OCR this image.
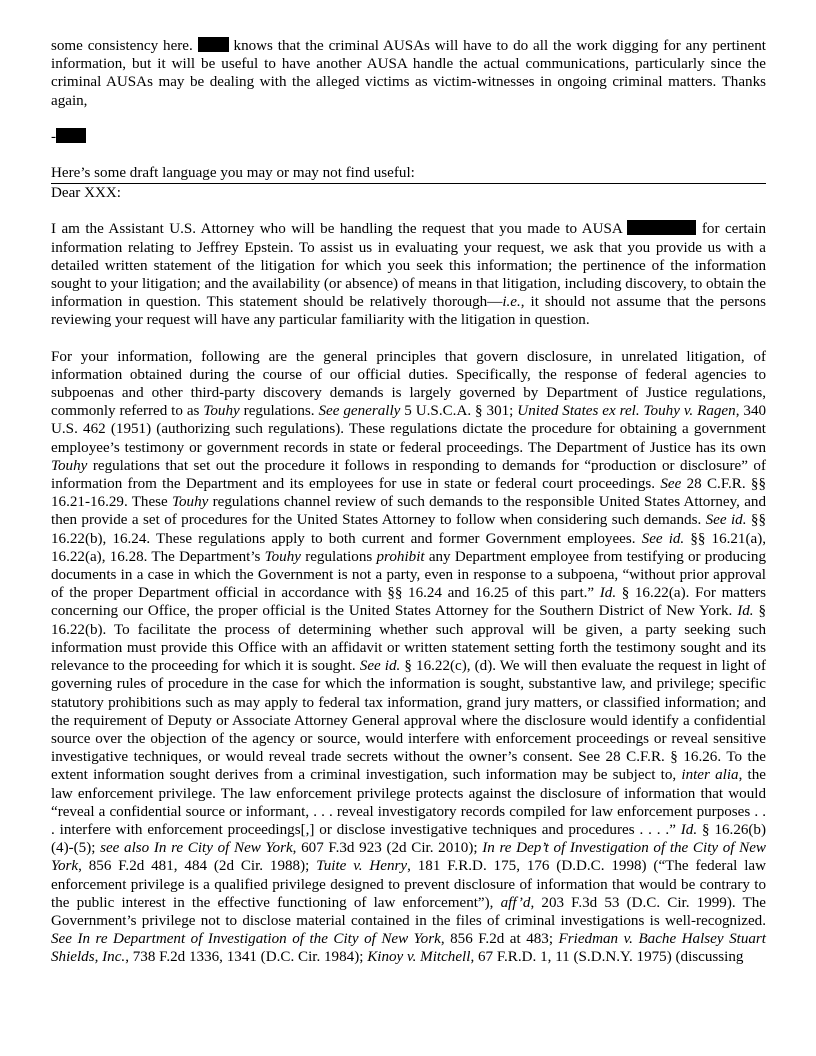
some consistency here.	knows that the criminal AUSAs will have to do all the work digging for any pertinent information, but it will be useful to have another AUSA handle the actual communications, particularly since the criminal AUSAs may be dealing with the alleged victims as victim-witnesses in ongoing criminal matters. Thanks again,

-

Here’s some draft language you may or may not find useful:

Dear XXX:

I am the Assistant U.S. Attorney who will be handling the request that you made to AUSA	for certain information relating to Jeffrey Epstein. To assist us in evaluating your request, we ask that you provide us with a detailed written statement of the litigation for which you seek this information; the pertinence of the information sought to your litigation; and the availability (or absence) of means in that litigation, including discovery, to obtain the information in question. This statement should be relatively thorough—i.e., it should not assume that the persons reviewing your request will have any particular familiarity with the litigation in question.

For your information, following are the general principles that govern disclosure, in unrelated litigation, of information obtained during the course of our official duties. Specifically, the response of federal agencies to subpoenas and other third-party discovery demands is largely governed by Department of Justice regulations, commonly referred to as Touhy regulations. See generally 5 U.S.C.A. § 301; United States ex rel. Touhy v. Ragen, 340 U.S. 462 (1951) (authorizing such regulations). These regulations dictate the procedure for obtaining a government employee’s testimony or government records in state or federal proceedings. The Department of Justice has its own Touhy regulations that set out the procedure it follows in responding to demands for “production or disclosure” of information from the Department and its employees for use in state or federal court proceedings. See 28 C.F.R. §§ 16.21-16.29. These Touhy regulations channel review of such demands to the responsible United States Attorney, and then provide a set of procedures for the United States Attorney to follow when considering such demands. See id. §§ 16.22(b), 16.24. These regulations apply to both current and former Government employees. See id. §§ 16.21(a), 16.22(a), 16.28. The Department’s Touhy regulations prohibit any Department employee from testifying or producing documents in a case in which the Government is not a party, even in response to a subpoena, “without prior approval of the proper Department official in accordance with §§ 16.24 and 16.25 of this part.” Id. § 16.22(a). For matters concerning our Office, the proper official is the United States Attorney for the Southern District of New York. Id. § 16.22(b). To facilitate the process of determining whether such approval will be given, a party seeking such information must provide this Office with an affidavit or written statement setting forth the testimony sought and its relevance to the proceeding for which it is sought. See id. § 16.22(c), (d). We will then evaluate the request in light of governing rules of procedure in the case for which the information is sought, substantive law, and privilege; specific statutory prohibitions such as may apply to federal tax information, grand jury matters, or classified information; and the requirement of Deputy or Associate Attorney General approval where the disclosure would identify a confidential source over the objection of the agency or source, would interfere with enforcement proceedings or reveal sensitive investigative techniques, or would reveal trade secrets without the owner’s consent. See 28 C.F.R. § 16.26. To the extent information sought derives from a criminal investigation, such information may be subject to, inter alia, the law enforcement privilege. The law enforcement privilege protects against the disclosure of information that would “reveal a confidential source or informant, . . . reveal investigatory records compiled for law enforcement purposes . . . interfere with enforcement proceedings[,] or disclose investigative techniques and procedures . . . .” Id. § 16.26(b)(4)-(5); see also In re City of New York, 607 F.3d 923 (2d Cir. 2010); In re Dep’t of Investigation of the City of New York, 856 F.2d 481, 484 (2d Cir. 1988); Tuite v. Henry, 181 F.R.D. 175, 176 (D.D.C. 1998) (“The federal law enforcement privilege is a qualified privilege designed to prevent disclosure of information that would be contrary to the public interest in the effective functioning of law enforcement”), aff’d, 203 F.3d 53 (D.C. Cir. 1999). The Government’s privilege not to disclose material contained in the files of criminal investigations is well-recognized. See In re Department of Investigation of the City of New York, 856 F.2d at 483; Friedman v. Bache Halsey Stuart Shields, Inc., 738 F.2d 1336, 1341 (D.C. Cir. 1984); Kinoy v. Mitchell, 67 F.R.D. 1, 11 (S.D.N.Y. 1975) (discussing
